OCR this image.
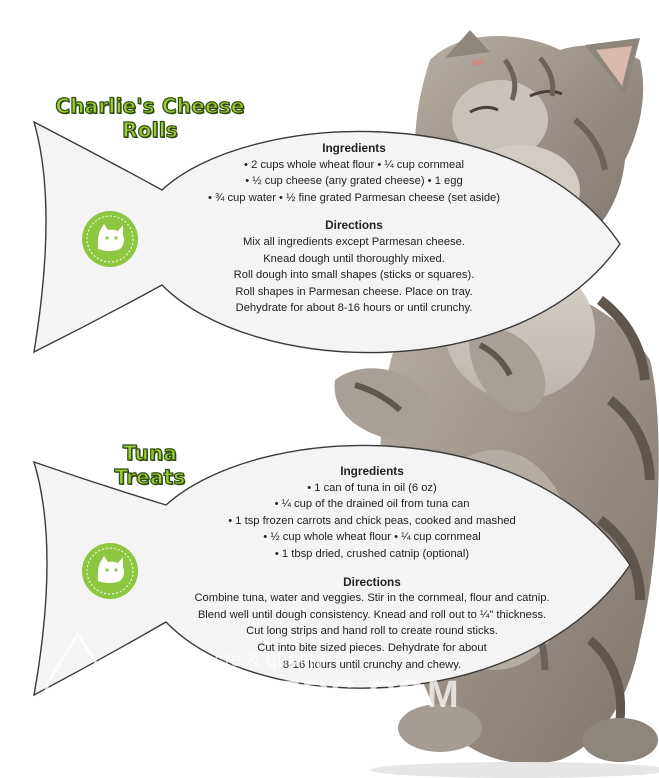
Charlie's Cheese
Rolls
Tuna
Treats
Ingredients
• 2 cups whole wheat flour • ¼ cup cornmeal
• ½ cup cheese (any grated cheese) • 1 egg
• ¾ cup water • ½ fine grated Parmesan cheese (set aside)
Directions
Mix all ingredients except Parmesan cheese.
Knead dough until thoroughly mixed.
Roll dough into small shapes (sticks or squares).
Roll shapes in Parmesan cheese. Place on tray.
Dehydrate for about 8-16 hours or until crunchy.
Ingredients
• 1 can of tuna in oil (6 oz)
• ¼ cup of the drained oil from tuna can
• 1 tsp frozen carrots and chick peas, cooked and mashed
• ½ cup whole wheat flour • ¼ cup cornmeal
• 1 tbsp dried, crushed catnip (optional)
Directions
Combine tuna, water and veggies. Stir in the cornmeal, flour and catnip.
Blend well until dough consistency. Knead and roll out to ¼" thickness.
Cut long strips and hand roll to create round sticks.
Cut into bite sized pieces. Dehydrate for about
8-16 hours until crunchy and chewy.
Health taste & quality
EUJUICERS.COM
